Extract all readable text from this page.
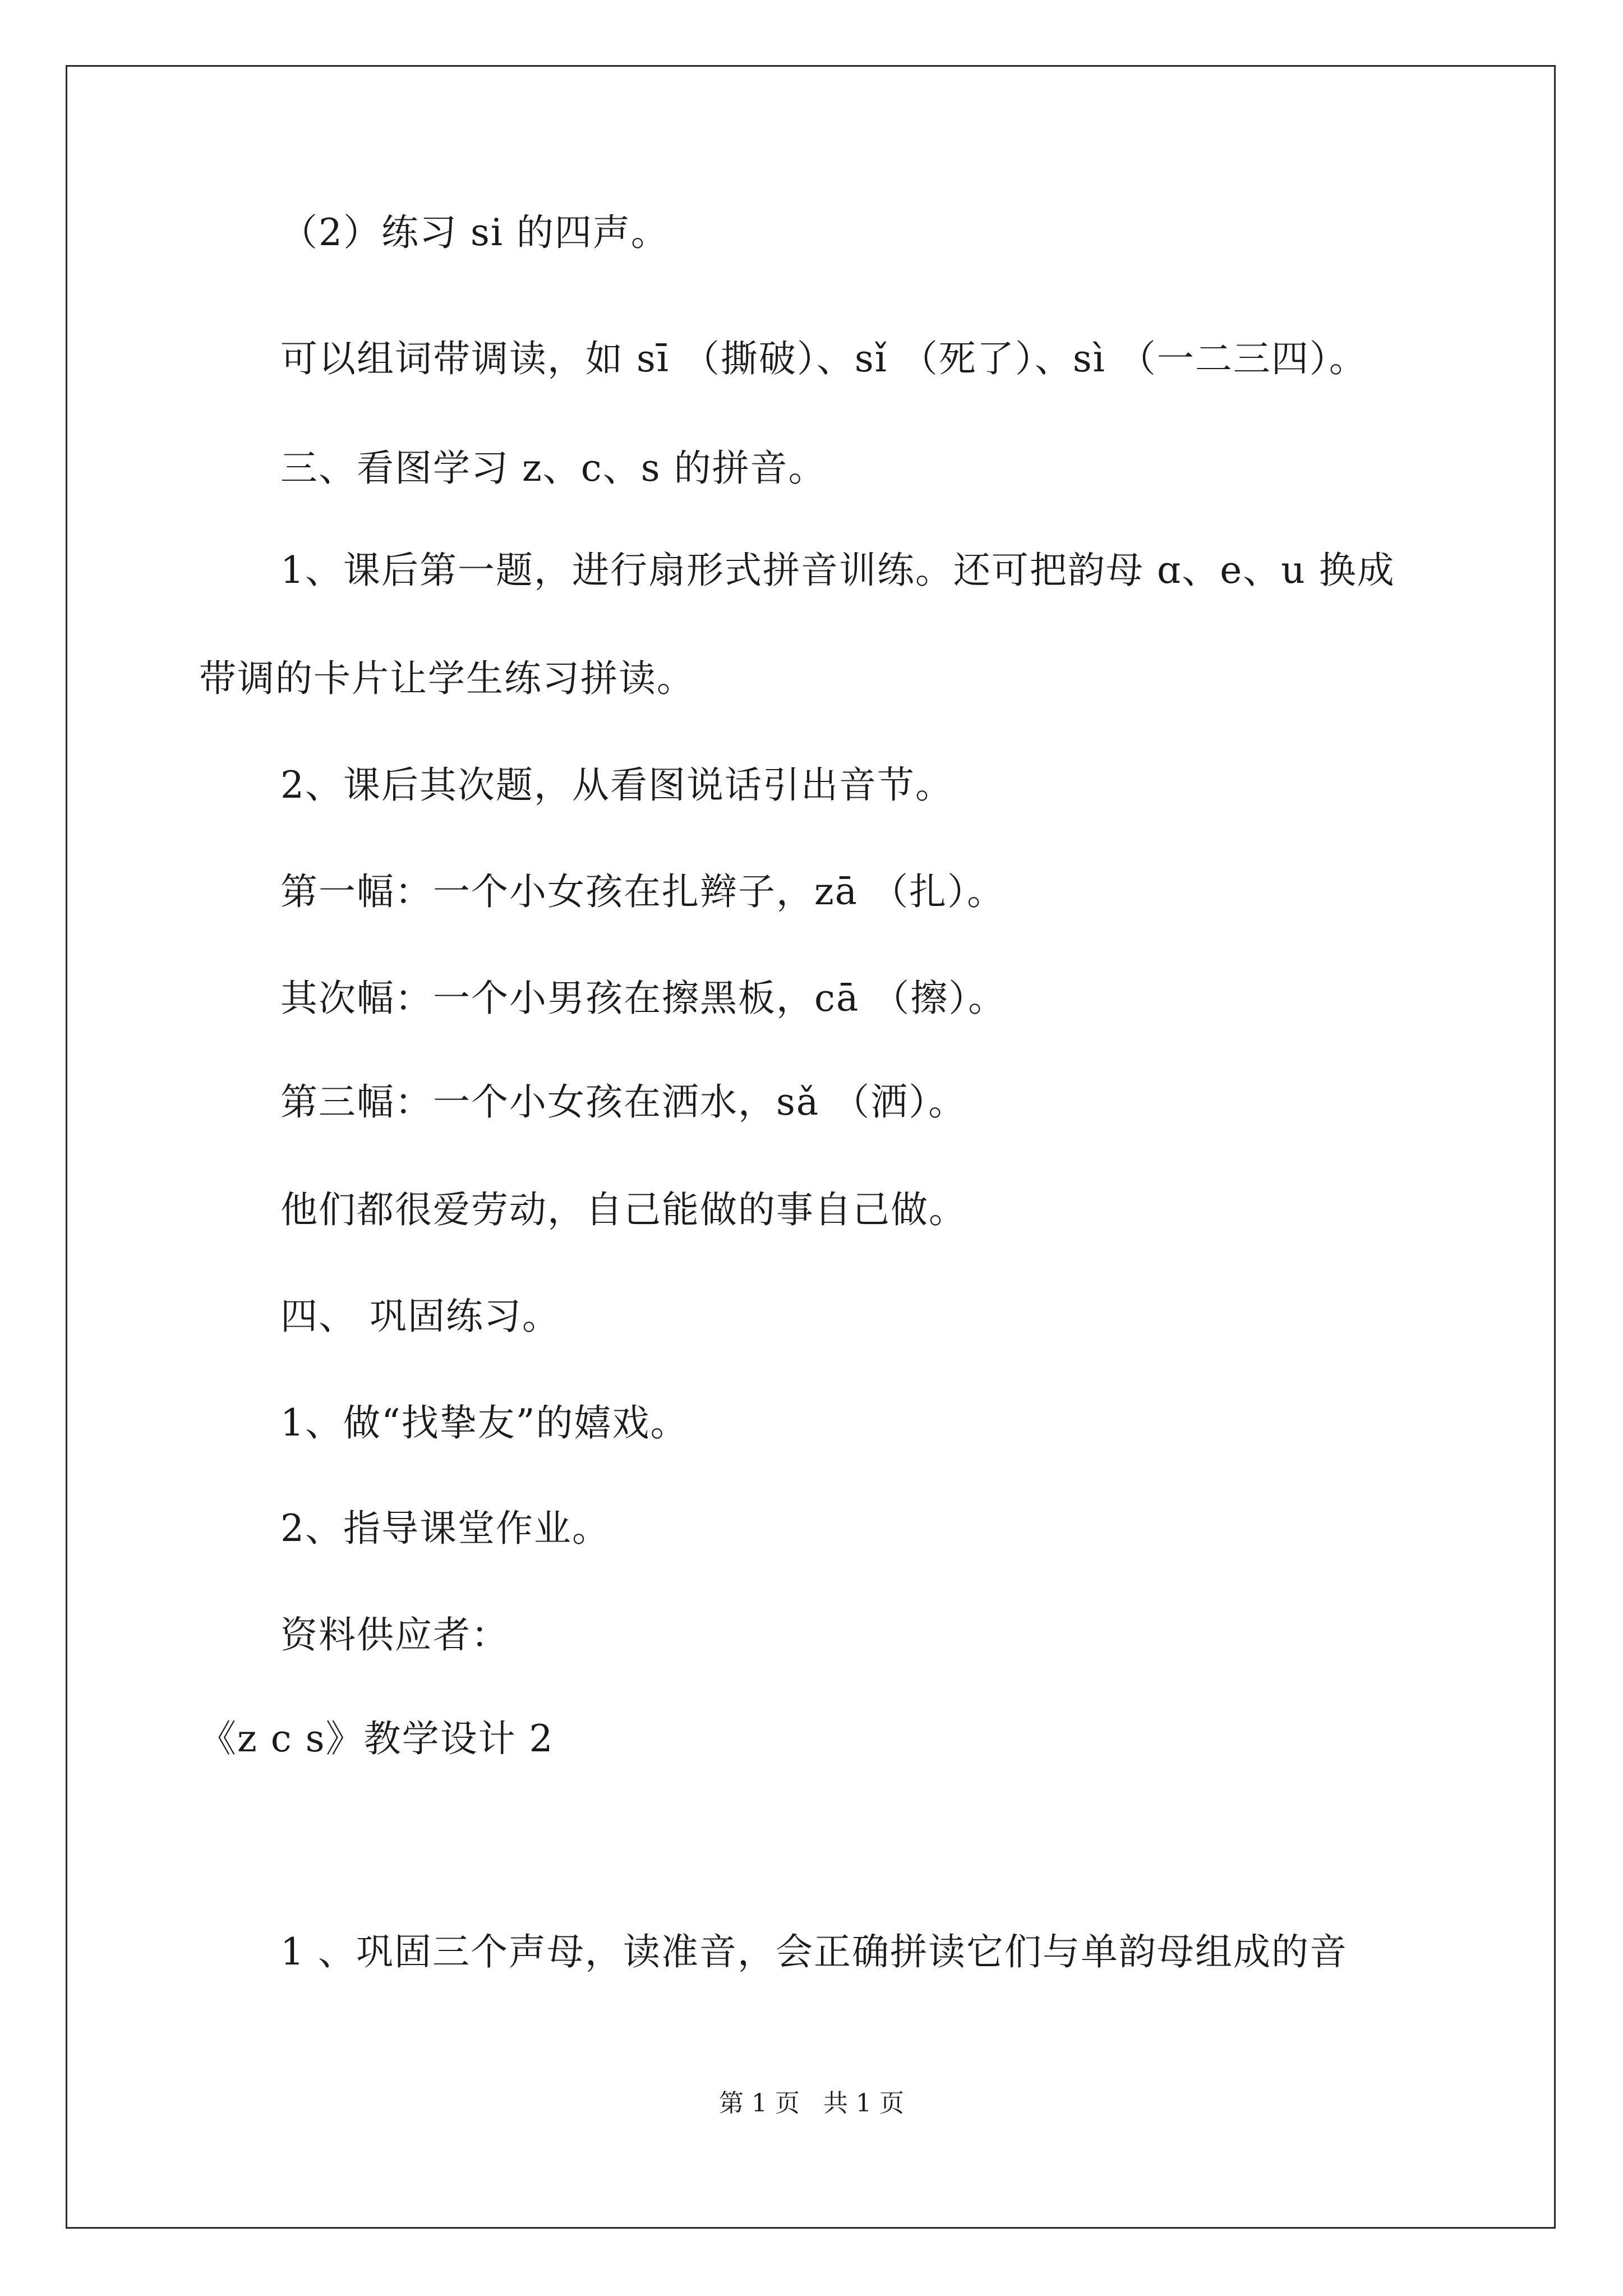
（2）练习 si 的四声。
可以组词带调读，如 sī （撕破）、sǐ （死了）、sì （一二三四）。
三、看图学习 z、c、s 的拼音。
1、课后第一题，进行扇形式拼音训练。还可把韵母 ɑ、e、u 换成
带调的卡片让学生练习拼读。
2、课后其次题，从看图说话引出音节。
第一幅：一个小女孩在扎辫子，zā （扎）。
其次幅：一个小男孩在擦黑板，cā （擦）。
第三幅：一个小女孩在洒水，sǎ （洒）。
他们都很爱劳动，自己能做的事自己做。
四、 巩固练习。
1、做“找挚友”的嬉戏。
2、指导课堂作业。
资料供应者：
《z c s》教学设计 2
1 、巩固三个声母，读准音，会正确拼读它们与单韵母组成的音
第 1 页   共 1 页
